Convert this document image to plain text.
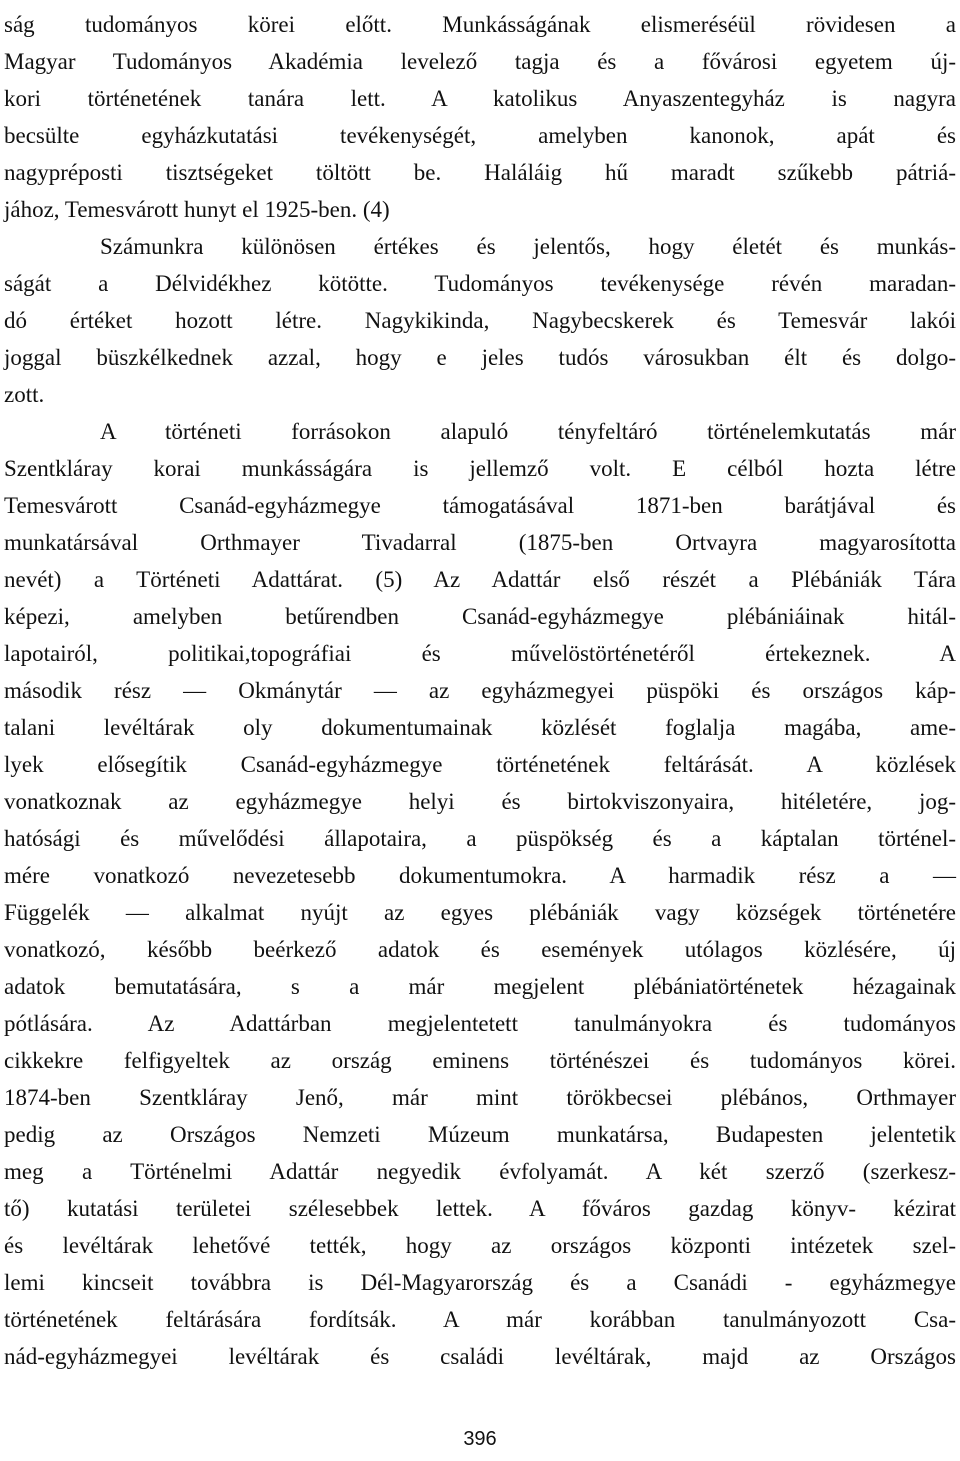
ság tudományos körei előtt. Munkásságának elismeréséül rövidesen a
Magyar Tudományos Akadémia levelező tagja és a fővárosi egyetem új-
kori történetének tanára lett. A katolikus Anyaszentegyház is nagyra
becsülte egyházkutatási tevékenységét, amelyben kanonok, apát és
nagypréposti tisztségeket töltött be. Haláláig hű maradt szűkebb pátriá-
jához, Temesvárott hunyt el 1925-ben. (4)
Számunkra különösen értékes és jelentős, hogy életét és munkás-
ságát a Délvidékhez kötötte. Tudományos tevékenysége révén maradan-
dó értéket hozott létre. Nagykikinda, Nagybecskerek és Temesvár lakói
joggal büszkélkednek azzal, hogy e jeles tudós városukban élt és dolgo-
zott.
A történeti forrásokon alapuló tényfeltáró történelemkutatás már
Szentkláray korai munkásságára is jellemző volt. E célból hozta létre
Temesvárott Csanád-egyházmegye támogatásával 1871-ben barátjával és
munkatársával Orthmayer Tivadarral (1875-ben Ortvayra magyarosította
nevét) a Történeti Adattárat. (5) Az Adattár első részét a Plébániák Tára
képezi, amelyben betűrendben Csanád-egyházmegye plébániáinak hitál-
lapotairól, politikai,topográfiai és művelöstörténetéről értekeznek. A
második rész — Okmánytár — az egyházmegyei püspöki és országos káp-
talani levéltárak oly dokumentumainak közlését foglalja magába, ame-
lyek elősegítik Csanád-egyházmegye történetének feltárását. A közlések
vonatkoznak az egyházmegye helyi és birtokviszonyaira, hitéletére, jog-
hatósági és művelődési állapotaira, a püspökség és a káptalan történel-
mére vonatkozó nevezetesebb dokumentumokra. A harmadik rész a —
Függelék — alkalmat nyújt az egyes plébániák vagy községek történetére
vonatkozó, később beérkező adatok és események utólagos közlésére, új
adatok bemutatására, s a már megjelent plébániatörténetek hézagainak
pótlására. Az Adattárban megjelentetett tanulmányokra és tudományos
cikkekre felfigyeltek az ország eminens történészei és tudományos körei.
1874-ben Szentkláray Jenő, már mint törökbecsei plébános, Orthmayer
pedig az Országos Nemzeti Múzeum munkatársa, Budapesten jelentetik
meg a Történelmi Adattár negyedik évfolyamát. A két szerző (szerkesz-
tő) kutatási területei szélesebbek lettek. A főváros gazdag könyv- kézirat
és levéltárak lehetővé tették, hogy az országos központi intézetek szel-
lemi kincseit továbbra is Dél-Magyarország és a Csanádi - egyházmegye
történetének feltárására fordítsák. A már korábban tanulmányozott Csa-
nád-egyházmegyei levéltárak és családi levéltárak, majd az Országos
396
